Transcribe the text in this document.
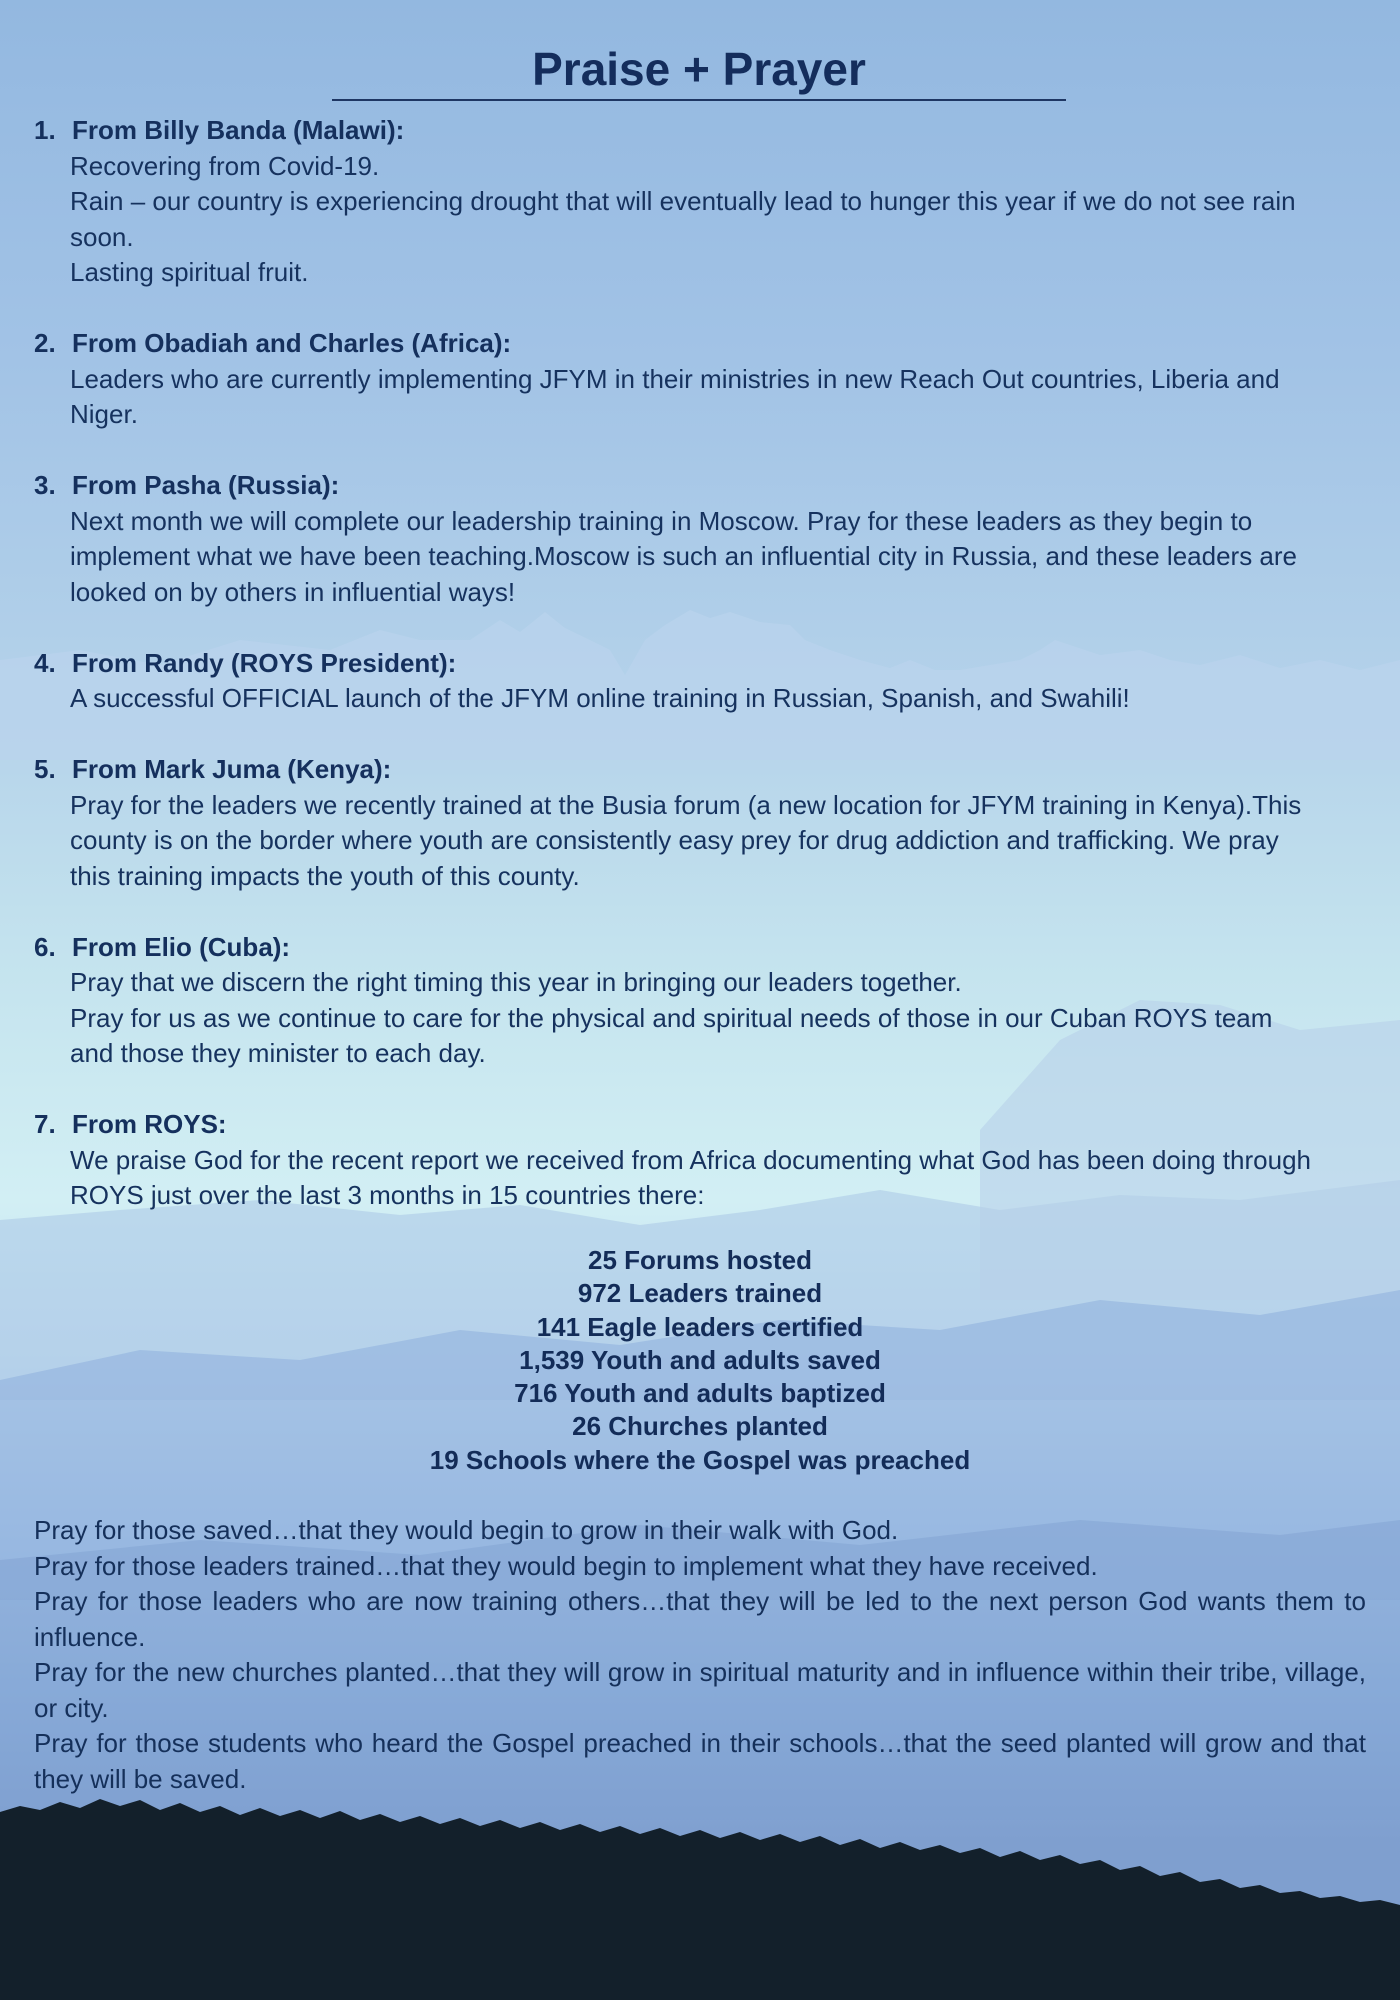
Praise + Prayer
1. From Billy Banda (Malawi):
Recovering from Covid-19.
Rain – our country is experiencing drought that will eventually lead to hunger this year if we do not see rain soon.
Lasting spiritual fruit.
2. From Obadiah and Charles (Africa):
Leaders who are currently implementing JFYM in their ministries in new Reach Out countries, Liberia and Niger.
3. From Pasha (Russia):
Next month we will complete our leadership training in Moscow. Pray for these leaders as they begin to implement what we have been teaching.Moscow is such an influential city in Russia, and these leaders are looked on by others in influential ways!
4. From Randy (ROYS President):
A successful OFFICIAL launch of the JFYM online training in Russian, Spanish, and Swahili!
5. From Mark Juma (Kenya):
Pray for the leaders we recently trained at the Busia forum (a new location for JFYM training in Kenya).This county is on the border where youth are consistently easy prey for drug addiction and trafficking. We pray this training impacts the youth of this county.
6. From Elio (Cuba):
Pray that we discern the right timing this year in bringing our leaders together.
Pray for us as we continue to care for the physical and spiritual needs of those in our Cuban ROYS team and those they minister to each day.
7. From ROYS:
We praise God for the recent report we received from Africa documenting what God has been doing through ROYS just over the last 3 months in 15 countries there:
25 Forums hosted
972 Leaders trained
141 Eagle leaders certified
1,539 Youth and adults saved
716 Youth and adults baptized
26 Churches planted
19 Schools where the Gospel was preached
Pray for those saved…that they would begin to grow in their walk with God.
Pray for those leaders trained…that they would begin to implement what they have received.
Pray for those leaders who are now training others…that they will be led to the next person God wants them to influence.
Pray for the new churches planted…that they will grow in spiritual maturity and in influence within their tribe, village, or city.
Pray for those students who heard the Gospel preached in their schools…that the seed planted will grow and that they will be saved.
